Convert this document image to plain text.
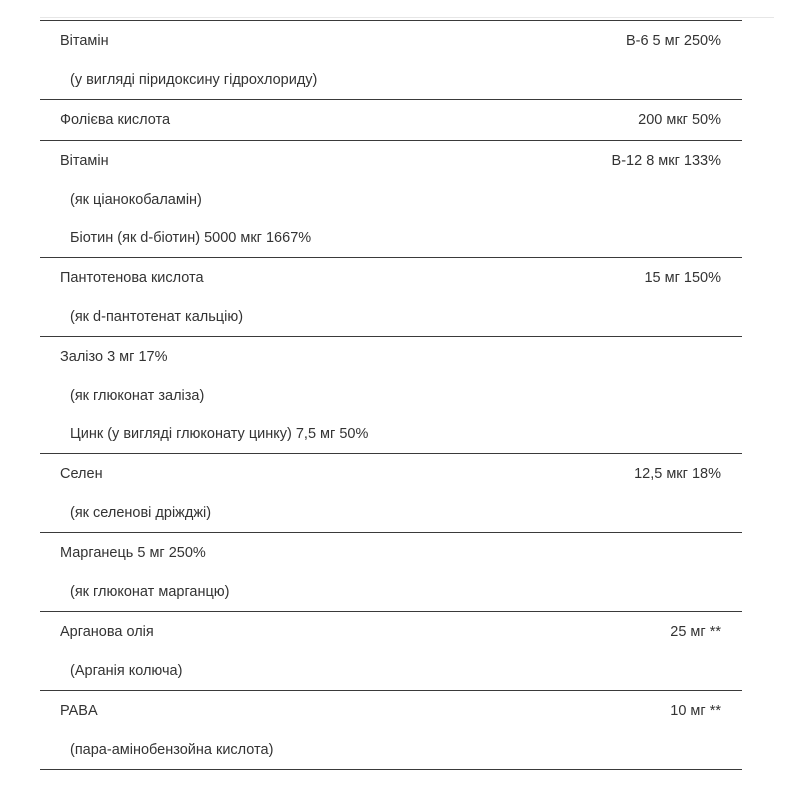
Вітамін	B-6 5 мг 250%
(у вигляді піридоксину гідрохлориду)
Фолієва кислота	200 мкг 50%
Вітамін	B-12 8 мкг 133%
(як ціанокобаламін)
Біотин (як d-біотин) 5000 мкг 1667%
Пантотенова кислота	15 мг 150%
(як d-пантотенат кальцію)
Залізо 3 мг 17%
(як глюконат заліза)
Цинк (у вигляді глюконату цинку) 7,5 мг 50%
Селен	12,5 мкг 18%
(як селенові дріжджі)
Марганець 5 мг 250%
(як глюконат марганцю)
Арганова олія	25 мг **
(Арганія колюча)
PABA	10 мг **
(пара-амінобензойна кислота)
